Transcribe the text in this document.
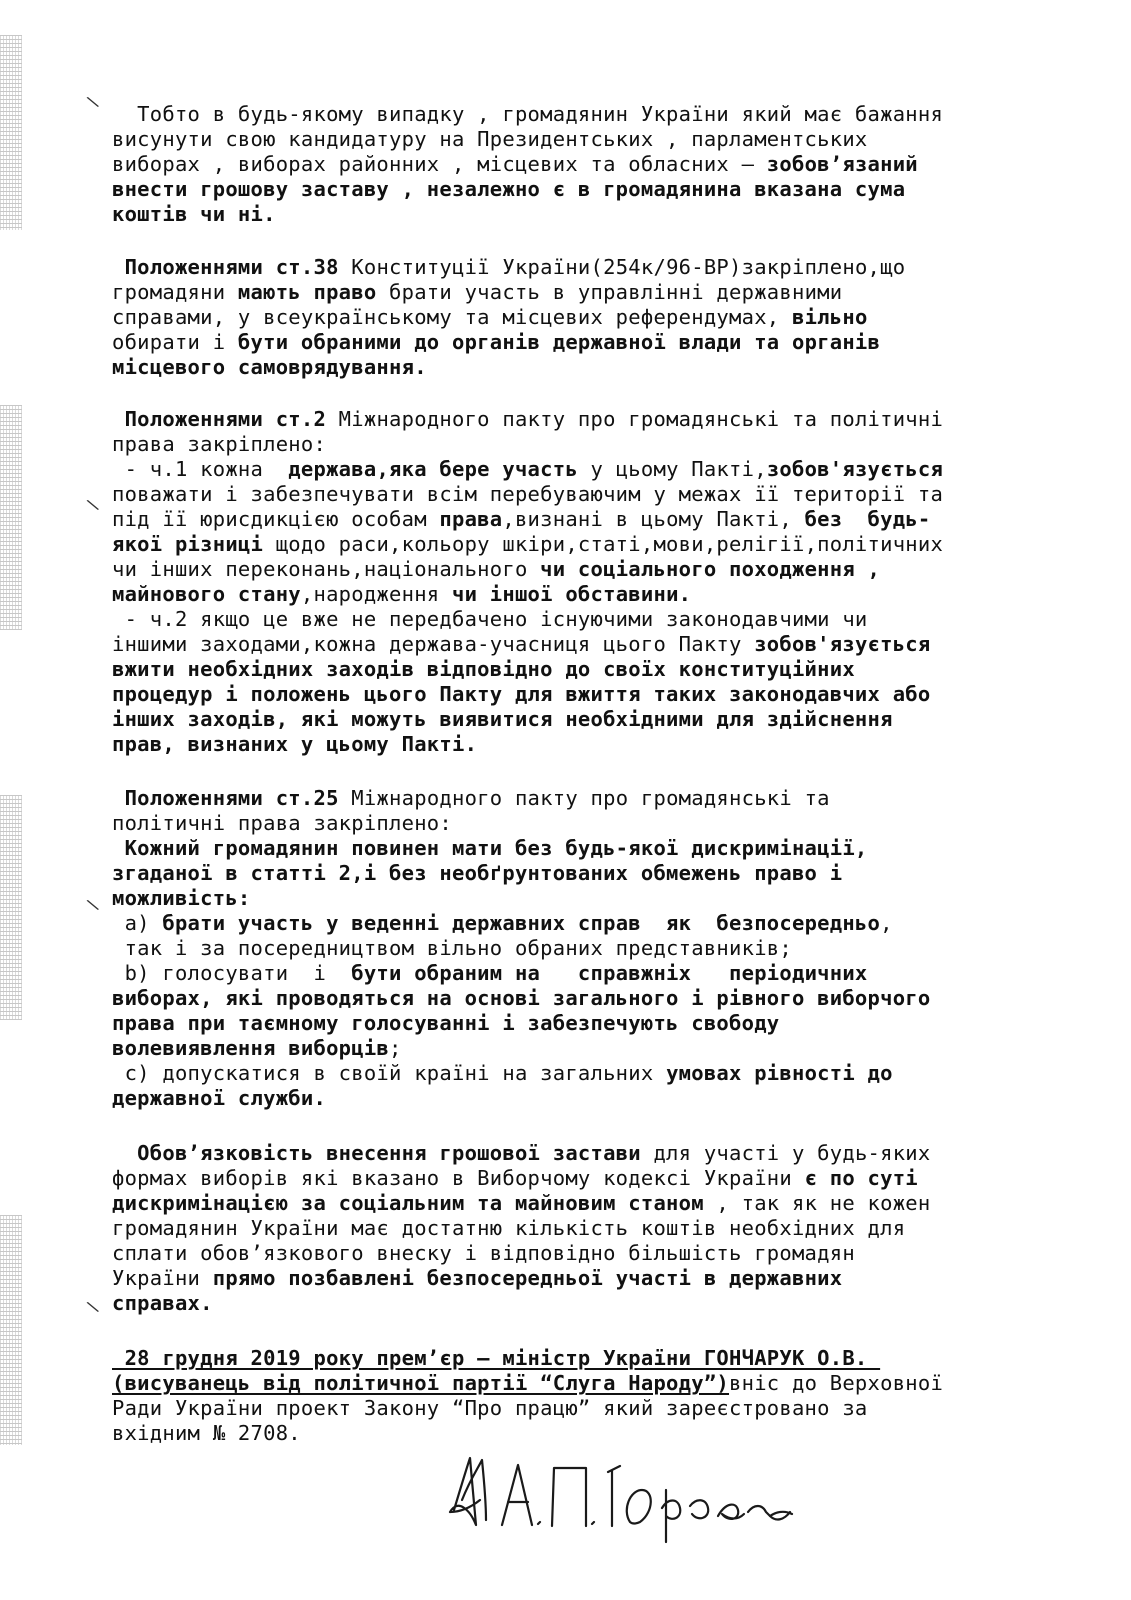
\
\
\
\
Тобто в будь-якому випадку , громадянин України який має бажання
висунути свою кандидатуру на Президентських , парламентських
виборах , виборах районних , місцевих та обласних — зобов’язаний
внести грошову заставу , незалежно є в громадянина вказана сума
коштів чи ні.
Положеннями ст.38 Конституції України(254к/96-ВР)закріплено,що
громадяни мають право брати участь в управлінні державними
справами, у всеукраїнському та місцевих референдумах, вільно
обирати і бути обраними до органів державної влади та органів
місцевого самоврядування.
Положеннями ст.2 Міжнародного пакту про громадянські та політичні
права закріплено:
- ч.1 кожна  держава,яка бере участь у цьому Пакті,зобов'язується
поважати і забезпечувати всім перебуваючим у межах її території та
під її юрисдикцією особам права,визнані в цьому Пакті, без  будь-
якої різниці щодо раси,кольору шкіри,статі,мови,релігії,політичних
чи інших переконань,національного чи соціального походження ,
майнового стану,народження чи іншої обставини.
- ч.2 якщо це вже не передбачено існуючими законодавчими чи
іншими заходами,кожна держава-учасниця цього Пакту зобов'язується
вжити необхідних заходів відповідно до своїх конституційних
процедур і положень цього Пакту для вжиття таких законодавчих або
інших заходів, які можуть виявитися необхідними для здійснення
прав, визнаних у цьому Пакті.
Положеннями ст.25 Міжнародного пакту про громадянські та
політичні права закріплено:
Кожний громадянин повинен мати без будь-якої дискримінації,
згаданої в статті 2,і без необґрунтованих обмежень право і
можливість:
a) брати участь у веденні державних справ  як  безпосередньо,
так і за посередництвом вільно обраних представників;
b) голосувати  і  бути обраним на   справжніх   періодичних
виборах, які проводяться на основі загального і рівного виборчого
права при таємному голосуванні і забезпечують свободу
волевиявлення виборців;
c) допускатися в своїй країні на загальних умовах рівності до
державної служби.
Обов’язковість внесення грошової застави для участі у будь-яких
формах виборів які вказано в Виборчому кодексі України є по суті
дискримінацією за соціальним та майновим станом , так як не кожен
громадянин України має достатню кількість коштів необхідних для
сплати обов’язкового внеску і відповідно більшість громадян
України прямо позбавлені безпосередньої участі в державних
справах.
28 грудня 2019 року прем’єр — міністр України ГОНЧАРУК О.В.
(висуванець від політичної партії “Слуга Народу”)вніс до Верховної
Ради України проект Закону “Про працю” який зареєстровано за
вхідним № 2708.
